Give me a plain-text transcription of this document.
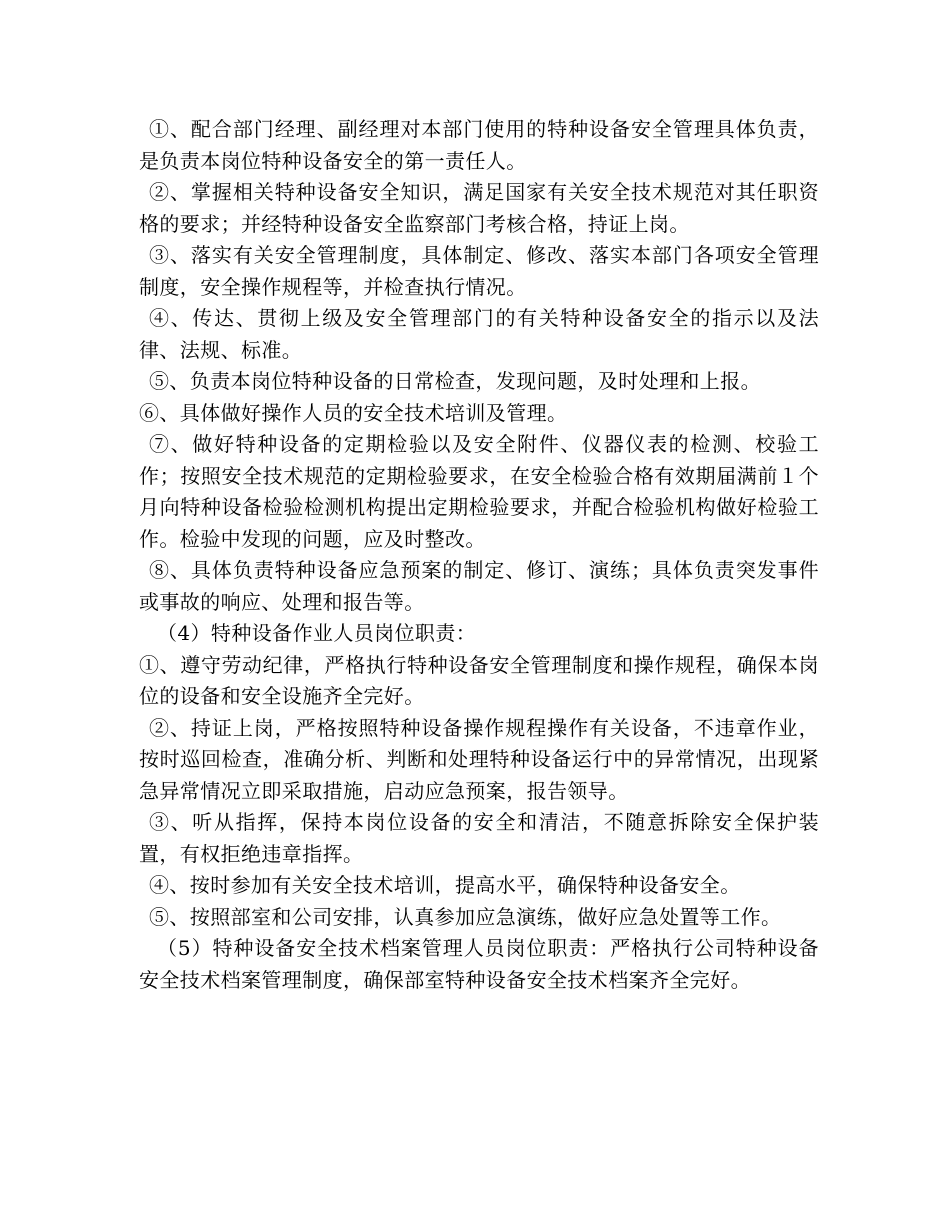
①、配合部门经理、副经理对本部门使用的特种设备安全管理具体负责，是负责本岗位特种设备安全的第一责任人。

②、掌握相关特种设备安全知识，满足国家有关安全技术规范对其任职资格的要求；并经特种设备安全监察部门考核合格，持证上岗。

③、落实有关安全管理制度，具体制定、修改、落实本部门各项安全管理制度，安全操作规程等，并检查执行情况。

④、传达、贯彻上级及安全管理部门的有关特种设备安全的指示以及法律、法规、标准。

⑤、负责本岗位特种设备的日常检查，发现问题，及时处理和上报。

⑥、具体做好操作人员的安全技术培训及管理。

⑦、做好特种设备的定期检验以及安全附件、仪器仪表的检测、校验工作；按照安全技术规范的定期检验要求，在安全检验合格有效期届满前１个月向特种设备检验检测机构提出定期检验要求，并配合检验机构做好检验工作。检验中发现的问题，应及时整改。

⑧、具体负责特种设备应急预案的制定、修订、演练；具体负责突发事件或事故的响应、处理和报告等。

（4）特种设备作业人员岗位职责：

①、遵守劳动纪律，严格执行特种设备安全管理制度和操作规程，确保本岗位的设备和安全设施齐全完好。

②、持证上岗，严格按照特种设备操作规程操作有关设备，不违章作业，按时巡回检查，准确分析、判断和处理特种设备运行中的异常情况，出现紧急异常情况立即采取措施，启动应急预案，报告领导。

③、听从指挥，保持本岗位设备的安全和清洁，不随意拆除安全保护装置，有权拒绝违章指挥。

④、按时参加有关安全技术培训，提高水平，确保特种设备安全。

⑤、按照部室和公司安排，认真参加应急演练，做好应急处置等工作。

（5）特种设备安全技术档案管理人员岗位职责：严格执行公司特种设备安全技术档案管理制度，确保部室特种设备安全技术档案齐全完好。
